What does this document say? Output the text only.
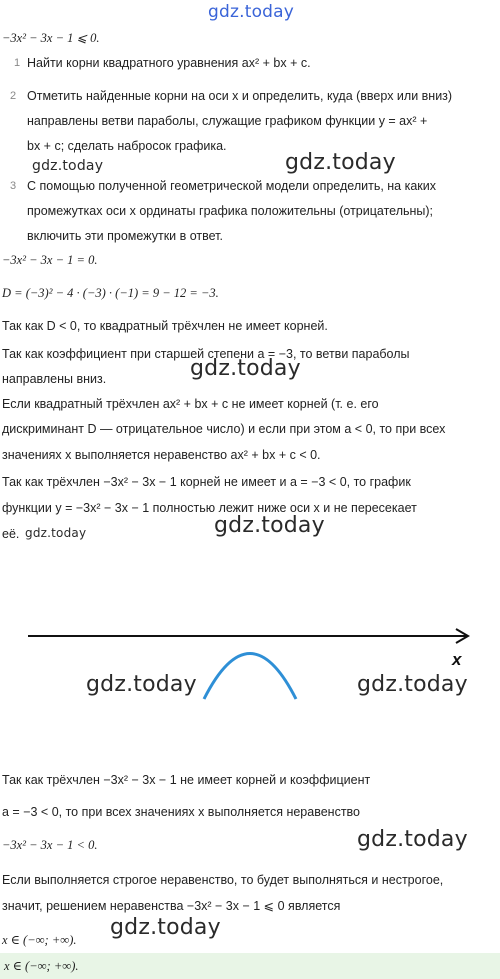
gdz.today
−3x² − 3x − 1 ⩽ 0.
1 Найти корни квадратного уравнения ax² + bx + c.
2 Отметить найденные корни на оси x и определить, куда (вверх или вниз)
направлены ветви параболы, служащие графиком функции y = ax² +
bx + c; сделать набросок графика.
gdz.today	gdz.today
3 С помощью полученной геометрической модели определить, на каких
промежутках оси x ординаты графика положительны (отрицательны);
включить эти промежутки в ответ.
−3x² − 3x − 1 = 0.
D = (−3)² − 4 · (−3) · (−1) = 9 − 12 = −3.
Так как D < 0, то квадратный трёхчлен не имеет корней.
Так как коэффициент при старшей степени a = −3, то ветви параболы
направлены вниз.	gdz.today
Если квадратный трёхчлен ax² + bx + c не имеет корней (т. е. его
дискриминант D — отрицательное число) и если при этом a < 0, то при всех
значениях x выполняется неравенство ax² + bx + c < 0.
Так как трёхчлен −3x² − 3x − 1 корней не имеет и a = −3 < 0, то график
функции y = −3x² − 3x − 1 полностью лежит ниже оси x и не пересекает
её. gdz.today	gdz.today
x
gdz.today	gdz.today
Так как трёхчлен −3x² − 3x − 1 не имеет корней и коэффициент
a = −3 < 0, то при всех значениях x выполняется неравенство
−3x² − 3x − 1 < 0.	gdz.today
Если выполняется строгое неравенство, то будет выполняться и нестрогое,
значит, решением неравенства −3x² − 3x − 1 ⩽ 0 является
x ∈ (−∞; +∞). gdz.today
x ∈ (−∞; +∞).
